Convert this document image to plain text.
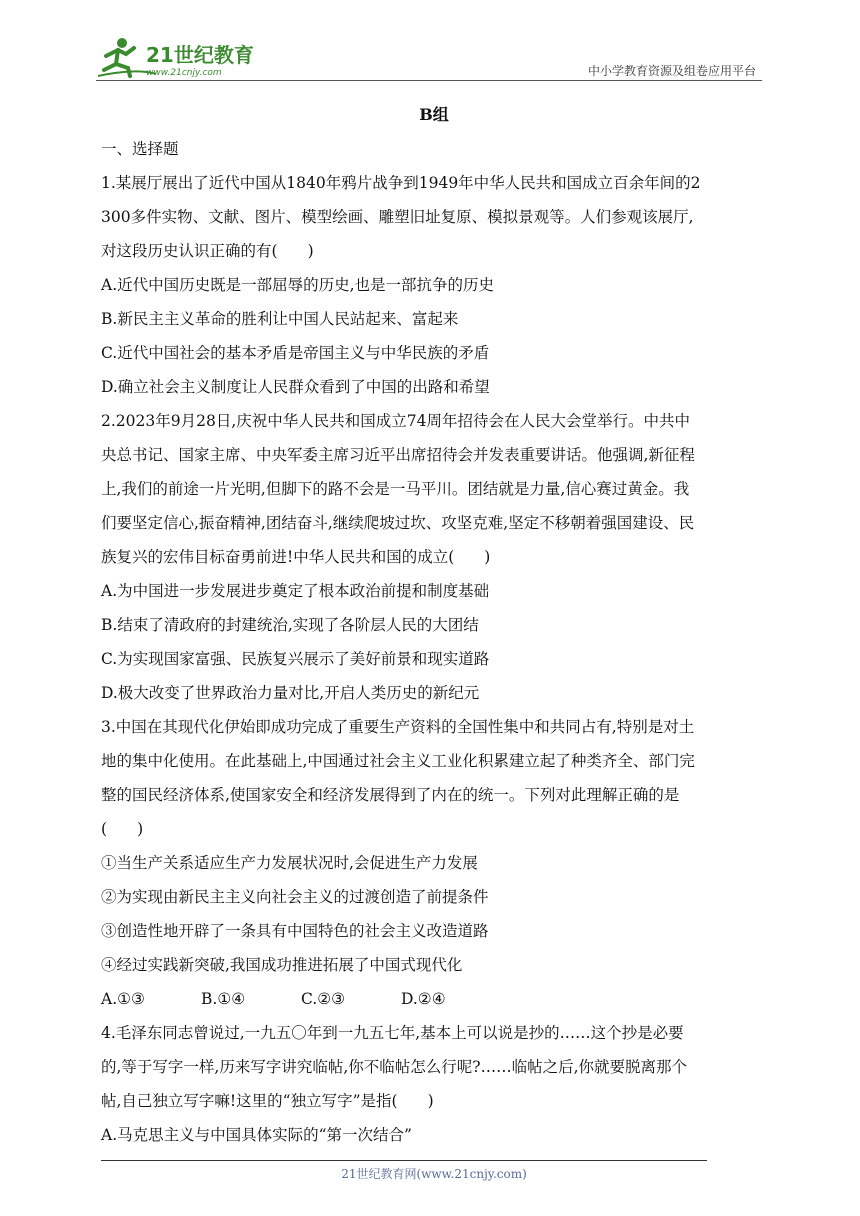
21世纪教育
www.21cnjy.com	中小学教育资源及组卷应用平台

B组

一、选择题

1.某展厅展出了近代中国从1840年鸦片战争到1949年中华人民共和国成立百余年间的2

300多件实物、文献、图片、模型绘画、雕塑旧址复原、模拟景观等。人们参观该展厅,

对这段历史认识正确的有( )

A.近代中国历史既是一部屈辱的历史,也是一部抗争的历史

B.新民主主义革命的胜利让中国人民站起来、富起来

C.近代中国社会的基本矛盾是帝国主义与中华民族的矛盾

D.确立社会主义制度让人民群众看到了中国的出路和希望

2.2023年9月28日,庆祝中华人民共和国成立74周年招待会在人民大会堂举行。中共中

央总书记、国家主席、中央军委主席习近平出席招待会并发表重要讲话。他强调,新征程

上,我们的前途一片光明,但脚下的路不会是一马平川。团结就是力量,信心赛过黄金。我

们要坚定信心,振奋精神,团结奋斗,继续爬坡过坎、攻坚克难,坚定不移朝着强国建设、民

族复兴的宏伟目标奋勇前进!中华人民共和国的成立( )

A.为中国进一步发展进步奠定了根本政治前提和制度基础

B.结束了清政府的封建统治,实现了各阶层人民的大团结

C.为实现国家富强、民族复兴展示了美好前景和现实道路

D.极大改变了世界政治力量对比,开启人类历史的新纪元

3.中国在其现代化伊始即成功完成了重要生产资料的全国性集中和共同占有,特别是对土

地的集中化使用。在此基础上,中国通过社会主义工业化积累建立起了种类齐全、部门完

整的国民经济体系,使国家安全和经济发展得到了内在的统一。下列对此理解正确的是

( )

①当生产关系适应生产力发展状况时,会促进生产力发展

②为实现由新民主主义向社会主义的过渡创造了前提条件

③创造性地开辟了一条具有中国特色的社会主义改造道路

④经过实践新突破,我国成功推进拓展了中国式现代化

A.①③	B.①④	C.②③	D.②④

4.毛泽东同志曾说过,一九五〇年到一九五七年,基本上可以说是抄的……这个抄是必要

的,等于写字一样,历来写字讲究临帖,你不临帖怎么行呢?……临帖之后,你就要脱离那个

帖,自己独立写字嘛!这里的“独立写字”是指( )

A.马克思主义与中国具体实际的“第一次结合”

21世纪教育网(www.21cnjy.com)
